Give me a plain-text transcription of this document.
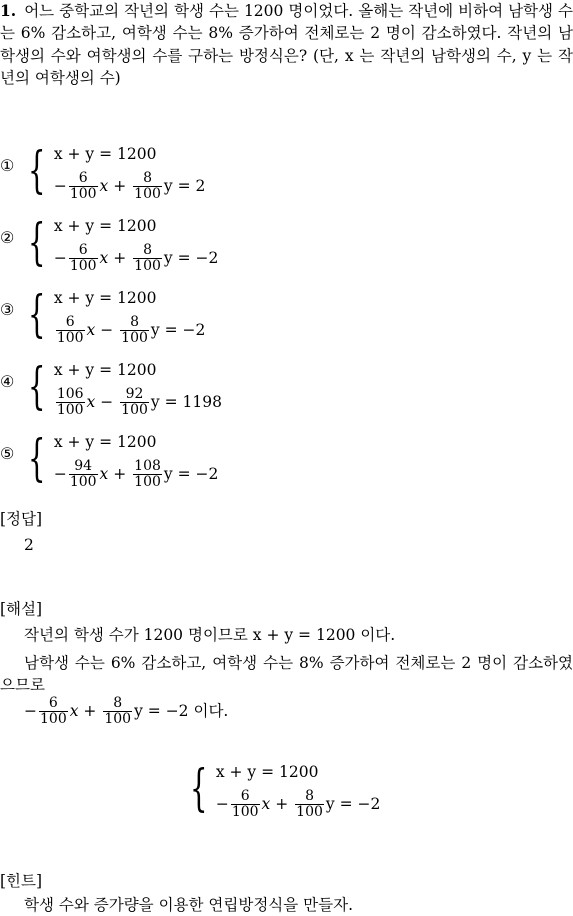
1. 어느 중학교의 작년의 학생 수는 1200 명이었다. 올해는 작년에 비하여 남학생 수는 6% 감소하고, 여학생 수는 8% 증가하여 전체로는 2 명이 감소하였다. 작년의 남학생의 수와 여학생의 수를 구하는 방정식은? (단, x 는 작년의 남학생의 수, y 는 작년의 여학생의 수)
① { x + y = 1200
− $\frac{6}{100}$ x
+
$\frac{8}{100}$ y = 2
② { x + y = 1200
− $\frac{6}{100}$ x
+
$\frac{8}{100}$ y = −2
③ { x + y = 1200
$\frac{6}{100}$ x
−
$\frac{8}{100}$ y = −2
④ { x + y = 1200
$\frac{106}{100}$ x
−
$\frac{92}{100}$ y = 1198
⑤ { x + y = 1200
− $\frac{94}{100}$ x
+
$\frac{108}{100}$ y = −2
[정답]
2
[해설]
작년의 학생 수가 1200 명이므로 x + y = 1200 이다.
남학생 수는 6% 감소하고, 여학생 수는 8% 증가하여 전체로는 2 명이 감소하였으므로
− $\frac{6}{100}$ x
+
$\frac{8}{100}$ y = −2 이다.
{ x + y = 1200
− $\frac{6}{100}$ x
+
$\frac{8}{100}$ y = −2
[힌트]
학생 수와 증가량을 이용한 연립방정식을 만들자.
